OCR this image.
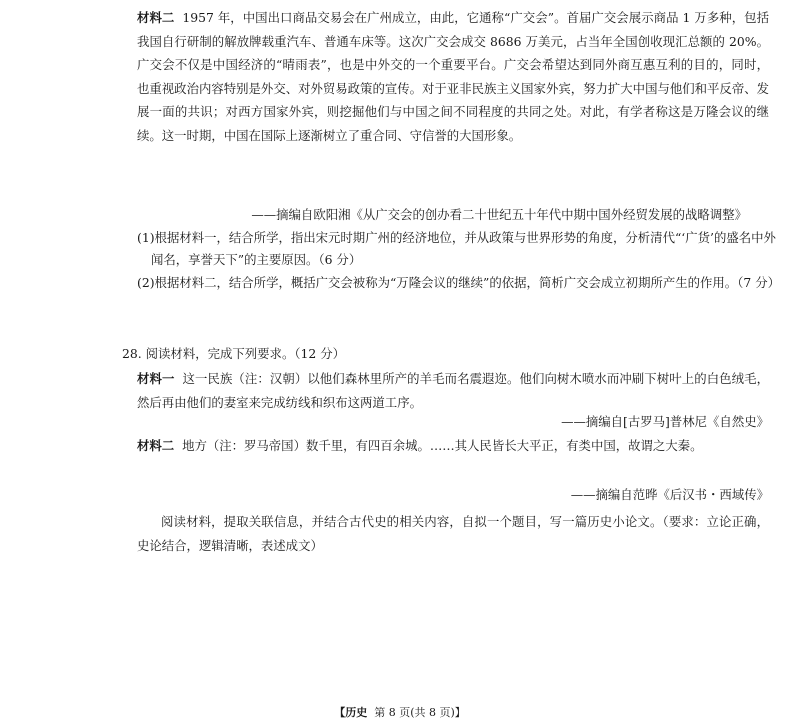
材料二 1957 年，中国出口商品交易会在广州成立，由此，它通称“广交会”。首届广交会展示商品 1 万多种，包括我国自行研制的解放牌载重汽车、普通车床等。这次广交会成交 8686 万美元，占当年全国创收现汇总额的 20%。广交会不仅是中国经济的“晴雨表”，也是中外交的一个重要平台。广交会希望达到同外商互惠互利的目的，同时，也重视政治内容特别是外交、对外贸易政策的宣传。对于亚非民族主义国家外宾，努力扩大中国与他们和平反帝、发展一面的共识；对西方国家外宾，则挖掘他们与中国之间不同程度的共同之处。对此，有学者称这是万隆会议的继续。这一时期，中国在国际上逐渐树立了重合同、守信誉的大国形象。

——摘编自欧阳湘《从广交会的创办看二十世纪五十年代中期中国外经贸发展的战略调整》

(1)根据材料一，结合所学，指出宋元时期广州的经济地位，并从政策与世界形势的角度，分析清代“‘广货’的盛名中外闻名，享誉天下”的主要原因。（6 分）

(2)根据材料二，结合所学，概括广交会被称为“万隆会议的继续”的依据，简析广交会成立初期所产生的作用。（7 分）

28. 阅读材料，完成下列要求。（12 分）

材料一 这一民族（注：汉朝）以他们森林里所产的羊毛而名震遐迩。他们向树木喷水而冲刷下树叶上的白色绒毛，然后再由他们的妻室来完成纺线和织布这两道工序。

——摘编自[古罗马]普林尼《自然史》

材料二 地方（注：罗马帝国）数千里，有四百余城。……其人民皆长大平正，有类中国，故谓之大秦。

——摘编自范晔《后汉书・西域传》

阅读材料，提取关联信息，并结合古代史的相关内容，自拟一个题目，写一篇历史小论文。（要求：立论正确，史论结合，逻辑清晰，表述成文）

【历史 第 8 页(共 8 页)】
